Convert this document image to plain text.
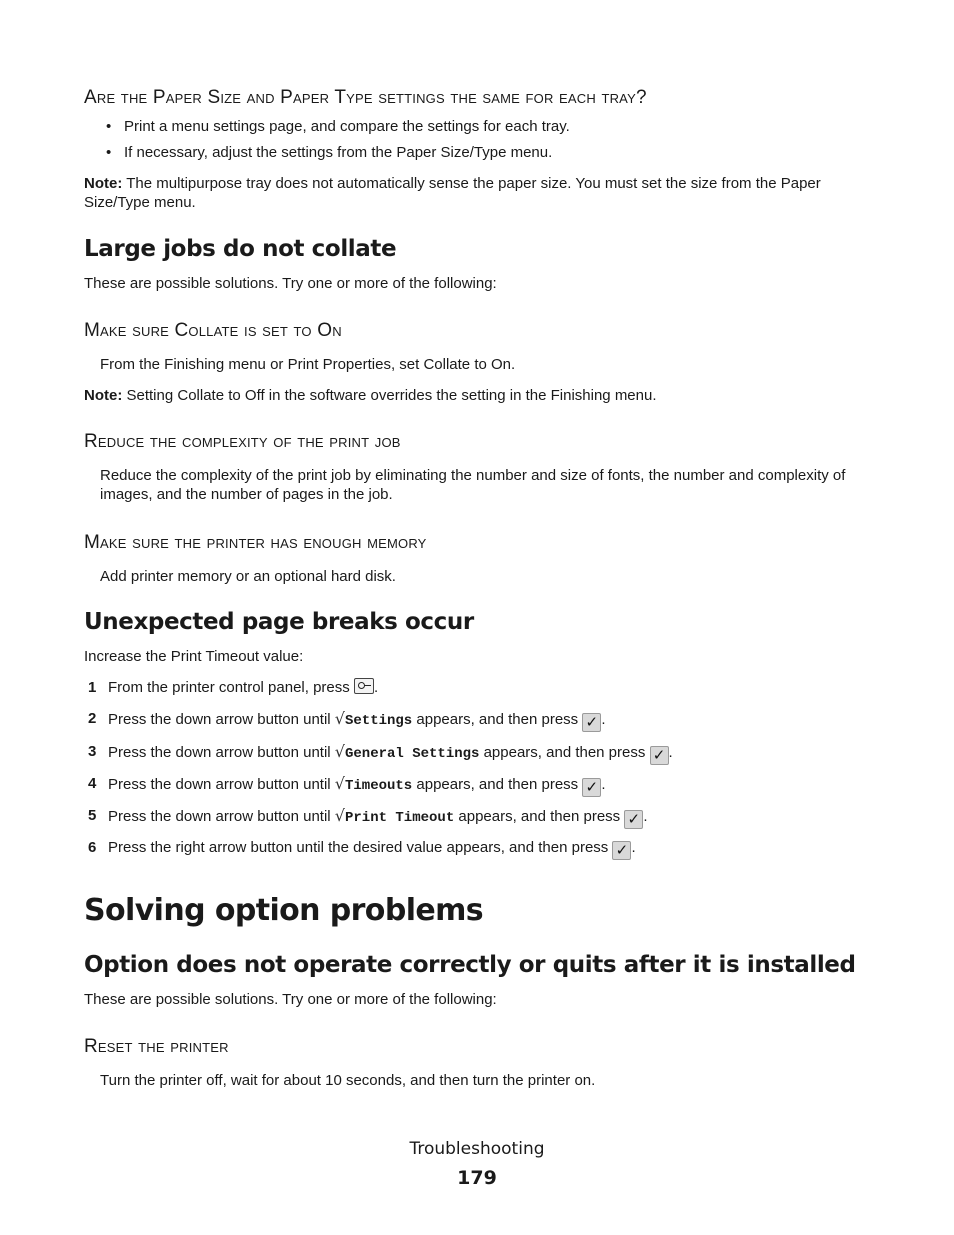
Are the Paper Size and Paper Type settings the same for each tray?

• Print a menu settings page, and compare the settings for each tray.
• If necessary, adjust the settings from the Paper Size/Type menu.

Note: The multipurpose tray does not automatically sense the paper size. You must set the size from the Paper Size/Type menu.

Large jobs do not collate

These are possible solutions. Try one or more of the following:

Make sure Collate is set to On

From the Finishing menu or Print Properties, set Collate to On.

Note: Setting Collate to Off in the software overrides the setting in the Finishing menu.

Reduce the complexity of the print job

Reduce the complexity of the print job by eliminating the number and size of fonts, the number and complexity of images, and the number of pages in the job.

Make sure the printer has enough memory

Add printer memory or an optional hard disk.

Unexpected page breaks occur

Increase the Print Timeout value:

1 From the printer control panel, press .
2 Press the down arrow button until √Settings appears, and then press ✓ .
3 Press the down arrow button until √General Settings appears, and then press ✓ .
4 Press the down arrow button until √Timeouts appears, and then press ✓ .
5 Press the down arrow button until √Print Timeout appears, and then press ✓ .
6 Press the right arrow button until the desired value appears, and then press ✓ .
Solving option problems
Option does not operate correctly or quits after it is installed

These are possible solutions. Try one or more of the following:

Reset the printer

Turn the printer off, wait for about 10 seconds, and then turn the printer on.

Troubleshooting
179
